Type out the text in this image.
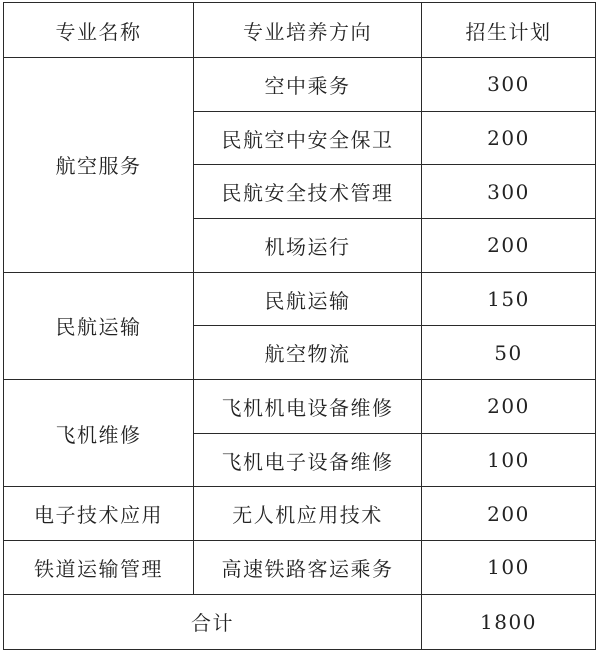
专业名称	专业培养方向	招生计划
航空服务	空中乘务	300
	民航空中安全保卫	200
	民航安全技术管理	300
	机场运行	200
民航运输	民航运输	150
	航空物流	50
飞机维修	飞机机电设备维修	200
	飞机电子设备维修	100
电子技术应用	无人机应用技术	200
铁道运输管理	高速铁路客运乘务	100
合计		1800
